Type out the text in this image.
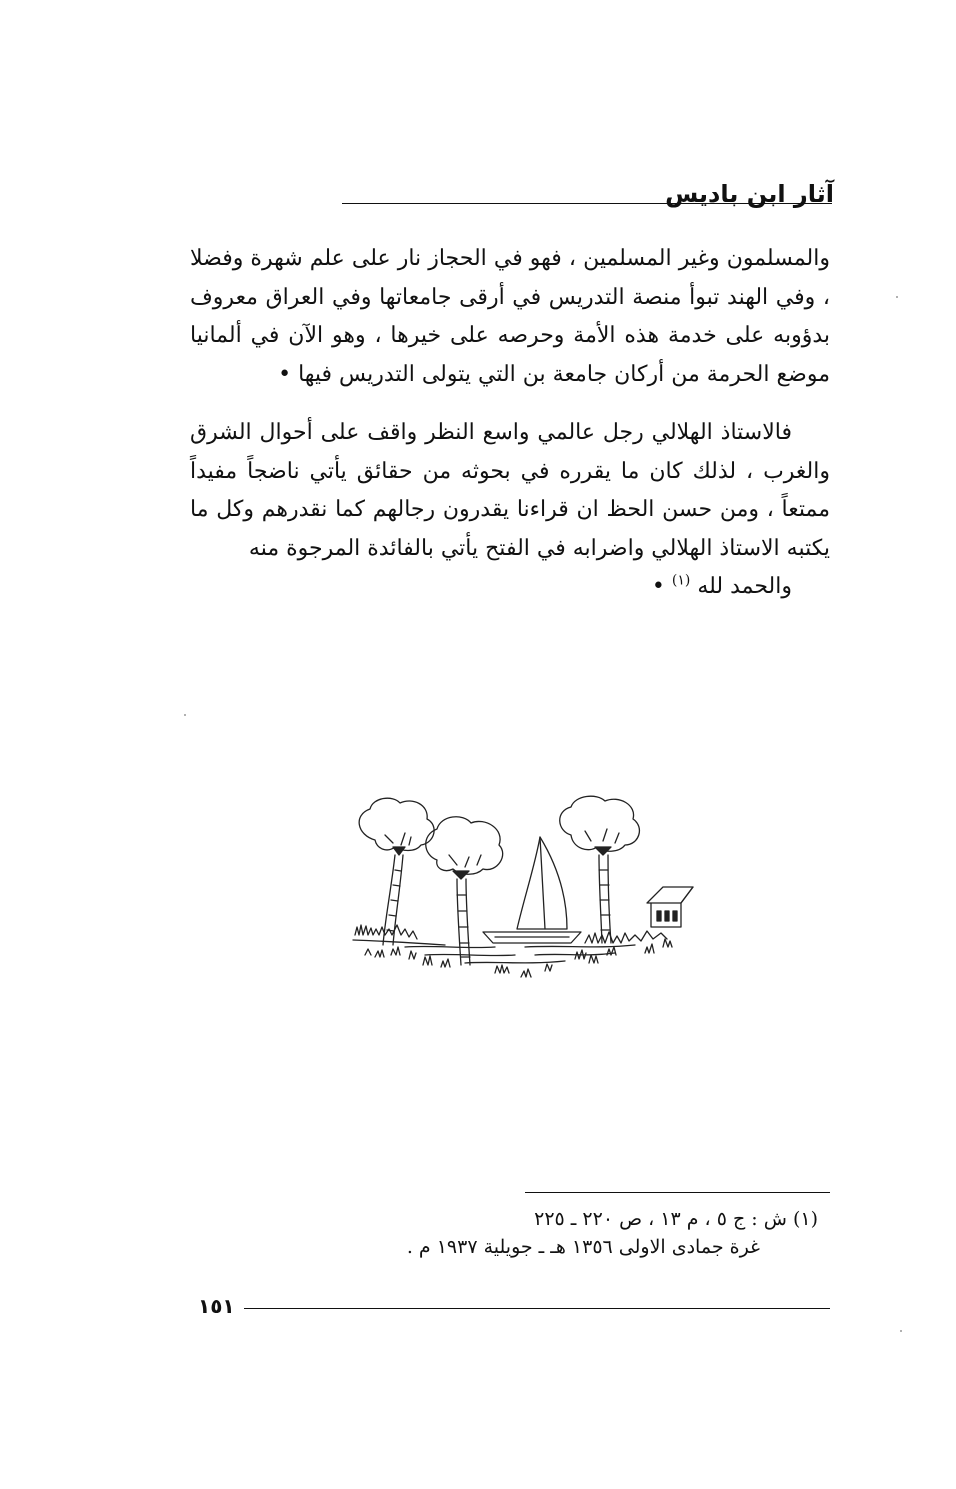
آثار ابن باديس

والمسلمون وغير المسلمين ، فهو في الحجاز نار على علم شهرة وفضلا ، وفي الهند تبوأ منصة التدريس في أرقى جامعاتها وفي العراق معروف بدؤوبه على خدمة هذه الأمة وحرصه على خيرها ، وهو الآن في ألمانيا موضع الحرمة من أركان جامعة بن التي يتولى التدريس فيها •

فالاستاذ الهلالي رجل عالمي واسع النظر واقف على أحوال الشرق والغرب ، لذلك كان ما يقرره في بحوثه من حقائق يأتي ناضجاً مفيداً ممتعاً ، ومن حسن الحظ ان قراءنا يقدرون رجالهم كما نقدرهم وكل ما يكتبه الاستاذ الهلالي واضرابه في الفتح يأتي بالفائدة المرجوة منه
والحمد لله $^{(١)}$ •
(١) ش : ج ٥ ، م ١٣ ، ص ٢٢٠ ـ ٢٢٥
غرة جمادى الاولى ١٣٥٦ هـ ـ جويلية ١٩٣٧ م .
١٥١
